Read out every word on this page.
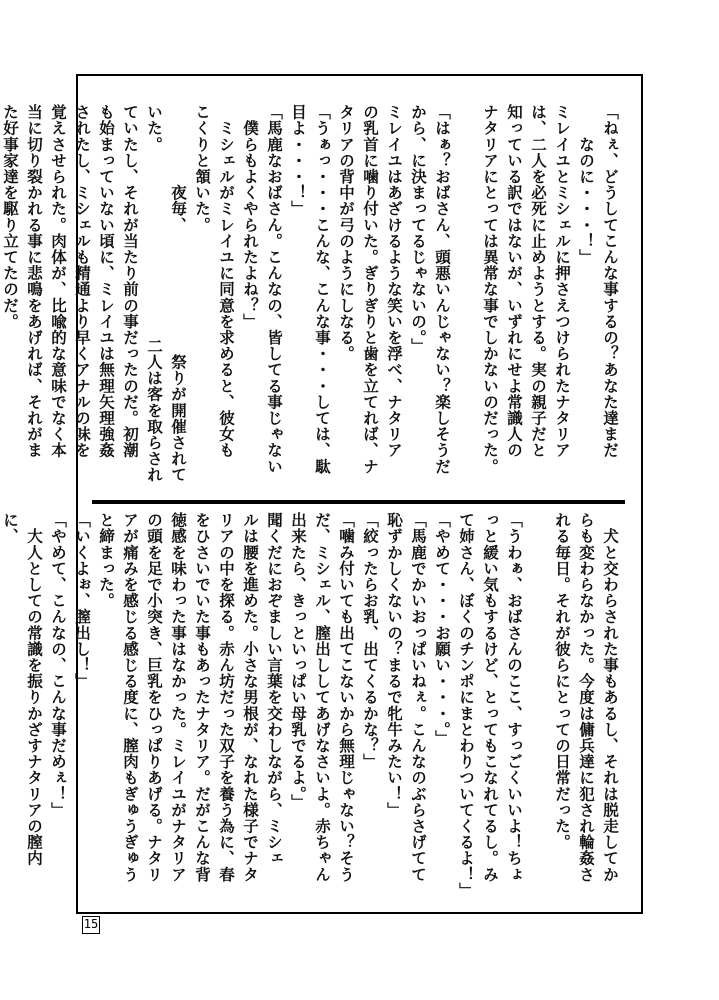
「ねぇ、どうしてこんな事するの？あなた達まだ
　　なのに・・・！」
ミレイユとミシェルに押さえつけられたナタリア
は、二人を必死に止めようとする。実の親子だと
知っている訳ではないが、いずれにせよ常識人の
ナタリアにとっては異常な事でしかないのだった。
「はぁ？おばさん、頭悪いんじゃない？楽しそうだ
から、に決まってるじゃないの。」
ミレイユはあざけるような笑いを浮べ、ナタリア
の乳首に噛り付いた。ぎりぎりと歯を立てれば、ナ
タリアの背中が弓のようにしなる。
「うぁっ・・・こんな、こんな事・・・しては、駄
目よ・・・！」
「馬鹿なおばさん。こんなの、皆してる事じゃない
　僕らもよくやられたよね？」
　ミシェルがミレイユに同意を求めると、彼女も
こくりと頷いた。
　　　　　夜毎、　　　　　　　　祭りが開催されて
いた。　　　　　　　　　　　　二人は客を取らされ
ていたし、それが当たり前の事だったのだ。初潮
も始まっていない頃に、ミレイユは無理矢理強姦
されたし、ミシェルも精通より早くアナルの味を
覚えさせられた。肉体が、比喩的な意味でなく本
当に切り裂かれる事に悲鳴をあげれば、それがま
た好事家達を駆り立てたのだ。
　犬と交わらされた事もあるし、それは脱走してか
らも変わらなかった。今度は傭兵達に犯され輪姦さ
れる毎日。それが彼らにとっての日常だった。
「うわぁ、おばさんのここ、すっごくいいよ！ちょ
っと緩い気もするけど、とってもこなれてるし。み
て姉さん、ぼくのチンポにまとわりついてくるよ！」
「やめて・・・お願い・・・。」
「馬鹿でかいおっぱいねぇ。こんなのぶらさげてて
恥ずかしくないの？まるで牝牛みたい！」
「絞ったらお乳、出てくるかな？」
「噛み付いても出てこないから無理じゃない？そう
だ、ミシェル、膣出ししてあげなさいよ。赤ちゃん
出来たら、きっといっぱい母乳でるよ。」
聞くだにおぞましい言葉を交わしながら、ミシェ
ルは腰を進めた。小さな男根が、なれた様子でナタ
リアの中を探る。赤ん坊だった双子を養う為に、春
をひさいでいた事もあったナタリア。だがこんな背
徳感を味わった事はなかった。ミレイユがナタリア
の頭を足で小突き、巨乳をひっぱりあげる。ナタリ
アが痛みを感じる感じる度に、膣肉もぎゅうぎゅう
と締まった。
「いくよぉ、膣出し！」
「やめて、こんなの、こんな事だめぇ！」
　大人としての常識を振りかざすナタリアの膣内に、
15
